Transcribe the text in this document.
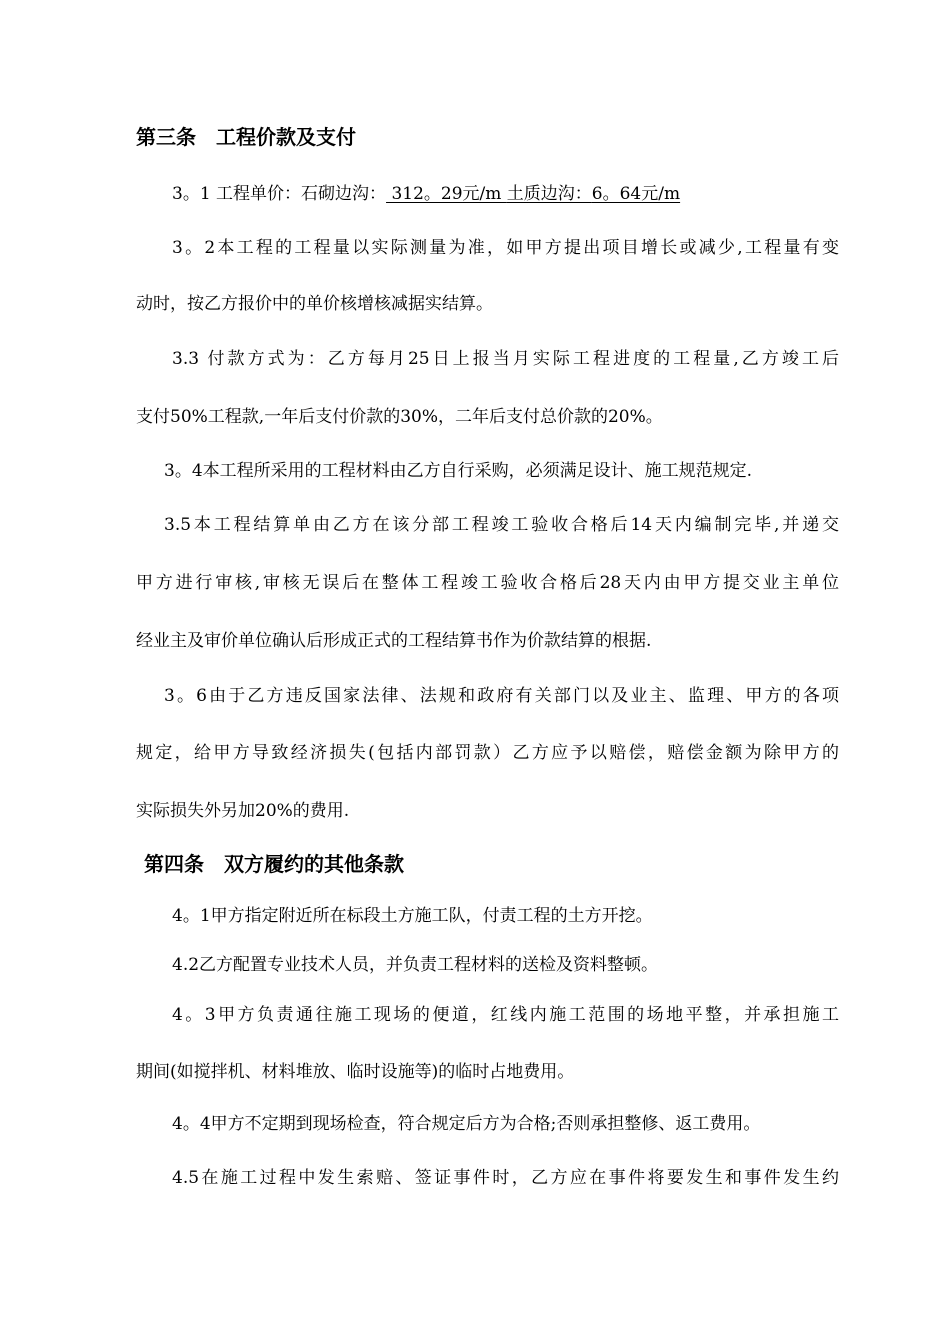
第三条　工程价款及支付
3。1 工程单价：石砌边沟： 312。29元/m 土质边沟：6。64元/m
3。2本工程的工程量以实际测量为准，如甲方提出项目增长或减少,工程量有变
动时，按乙方报价中的单价核增核减据实结算。
3.3 付款方式为：乙方每月25日上报当月实际工程进度的工程量,乙方竣工后
支付50%工程款,一年后支付价款的30%，二年后支付总价款的20%。
3。4本工程所采用的工程材料由乙方自行采购，必须满足设计、施工规范规定.
3.5本工程结算单由乙方在该分部工程竣工验收合格后14天内编制完毕,并递交
甲方进行审核,审核无误后在整体工程竣工验收合格后28天内由甲方提交业主单位
经业主及审价单位确认后形成正式的工程结算书作为价款结算的根据.
3。6由于乙方违反国家法律、法规和政府有关部门以及业主、监理、甲方的各项
规定，给甲方导致经济损失(包括内部罚款）乙方应予以赔偿，赔偿金额为除甲方的
实际损失外另加20%的费用.
第四条　双方履约的其他条款
4。1甲方指定附近所在标段土方施工队，付责工程的土方开挖。
4.2乙方配置专业技术人员，并负责工程材料的送检及资料整顿。
4。3甲方负责通往施工现场的便道，红线内施工范围的场地平整，并承担施工
期间(如搅拌机、材料堆放、临时设施等)的临时占地费用。
4。4甲方不定期到现场检查，符合规定后方为合格;否则承担整修、返工费用。
4.5在施工过程中发生索赔、签证事件时，乙方应在事件将要发生和事件发生约
